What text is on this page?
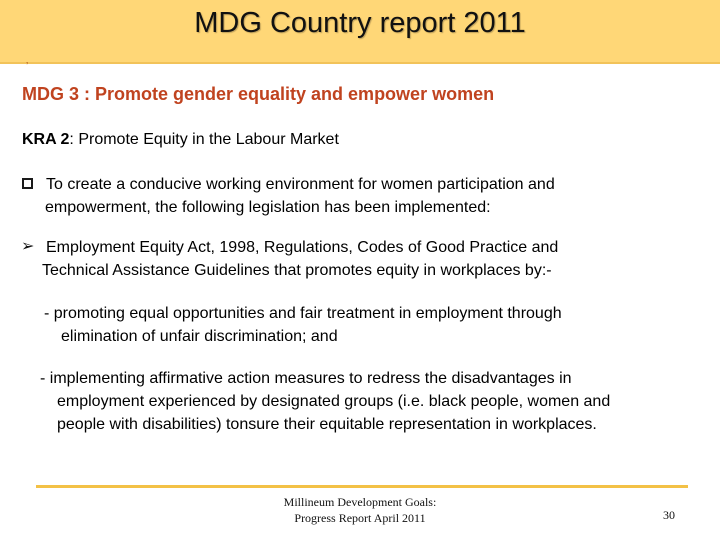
MDG Country report 2011
‚
MDG 3 : Promote gender equality and empower women
KRA 2: Promote Equity in the Labour Market
To create a conducive working environment for women participation and
empowerment, the following legislation has been implemented:
➢ Employment Equity Act, 1998, Regulations, Codes of Good Practice and
Technical Assistance Guidelines that promotes equity in workplaces by:-
- promoting equal opportunities and fair treatment in employment through
elimination of unfair discrimination; and
- implementing affirmative action measures to redress the disadvantages in
employment experienced by designated groups (i.e. black people, women and
people with disabilities) tonsure their equitable representation in workplaces.
Millineum Development Goals:
Progress Report April 2011	30
